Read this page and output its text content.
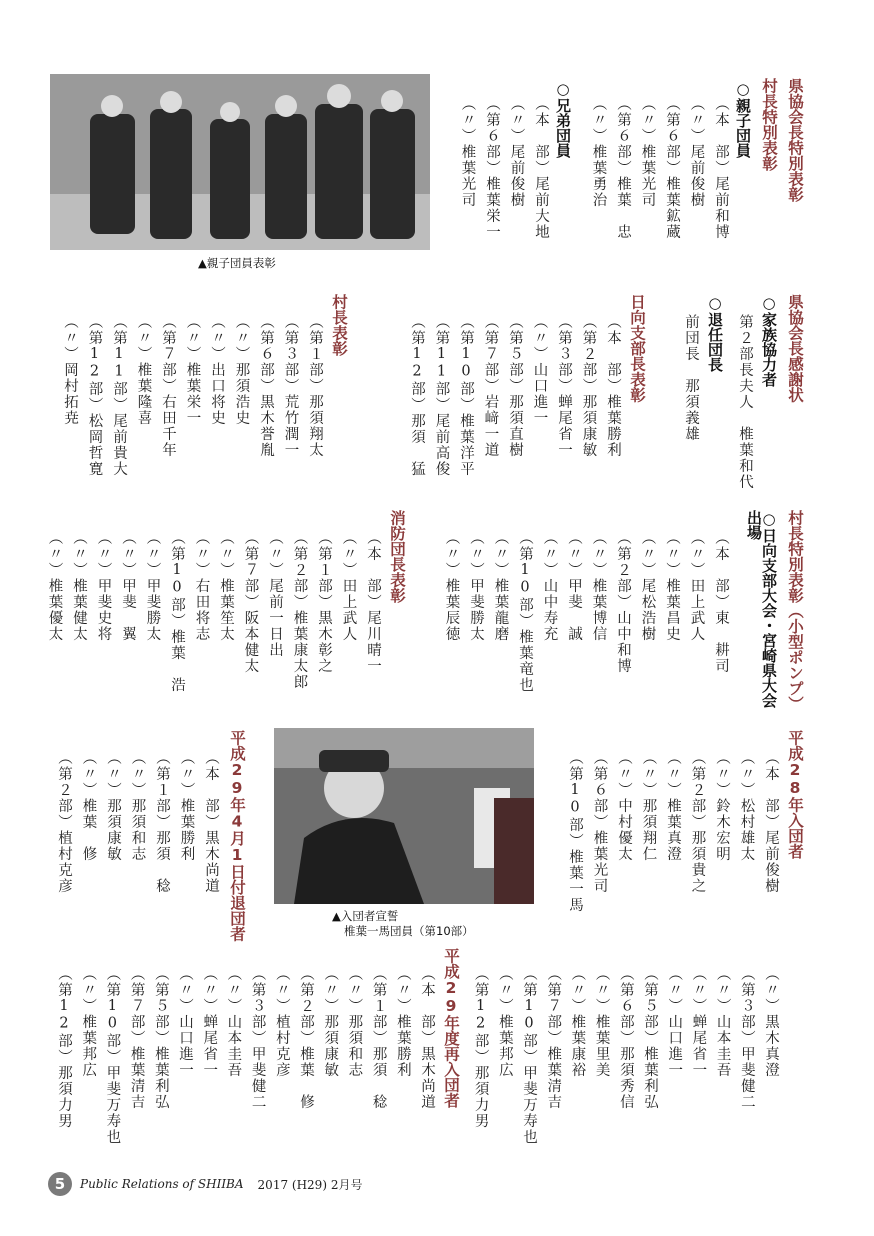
県協会長特別表彰
村長特別表彰
○親子団員
（本　部）尾前和博
（〃）尾前俊樹
（第６部）椎葉鉱蔵
（〃）椎葉光司
（第６部）椎葉　忠
（〃）椎葉勇治
○兄弟団員
（本　部）尾前大地
（〃）尾前俊樹
（第６部）椎葉栄一
（〃）椎葉光司
▲親子団員表彰
県協会長感謝状
○家族協力者
第２部長夫人　椎葉和代
○退任団長
前団長　那須義雄
日向支部長表彰
（本　部）椎葉勝利
（第２部）那須康敏
（第３部）蝉尾省一
（〃）山口進一
（第５部）那須直樹
（第７部）岩﨑一道
（第10部）椎葉洋平
（第11部）尾前高俊
（第12部）那須　猛
村長表彰
（第１部）那須翔太
（第３部）荒竹潤一
（第６部）黒木誉胤
（〃）那須浩史
（〃）出口将史
（〃）椎葉栄一
（第７部）右田千年
（〃）椎葉隆喜
（第11部）尾前貴大
（第12部）松岡哲寛
（〃）岡村拓尭
村長特別表彰（小型ポンプ）
○日向支部大会・宮崎県大会出場
（本　部）東　耕司
（〃）田上武人
（〃）椎葉昌史
（〃）尾松浩樹
（第２部）山中和博
（〃）椎葉博信
（〃）甲斐　誠
（〃）山中寿充
（第10部）椎葉竜也
（〃）椎葉龍磨
（〃）甲斐勝太
（〃）椎葉辰徳
消防団長表彰
（本　部）尾川晴一
（〃）田上武人
（第１部）黒木彰之
（第２部）椎葉康太郎
（〃）尾前一日出
（第７部）阪本健太
（〃）椎葉笙太
（〃）右田将志
（第10部）椎葉　浩
（〃）甲斐勝太
（〃）甲斐　翼
（〃）甲斐史将
（〃）椎葉健太
（〃）椎葉優太
平成28年入団者
（本　部）尾前俊樹
（〃）松村雄太
（〃）鈴木宏明
（第２部）那須貴之
（〃）椎葉真澄
（〃）那須翔仁
（〃）中村優太
（第６部）椎葉光司
（第10部）椎葉一馬
▲入団者宣誓
椎葉一馬団員（第10部）
平成29年4月1日付退団者
（本　部）黒木尚道
（〃）椎葉勝利
（第１部）那須　稔
（〃）那須和志
（〃）那須康敏
（〃）椎葉　修
（第２部）植村克彦
（〃）黒木真澄
（第３部）甲斐健二
（〃）山本圭吾
（〃）蝉尾省一
（〃）山口進一
（第５部）椎葉利弘
（第６部）那須秀信
（〃）椎葉里美
（〃）椎葉康裕
（第７部）椎葉清吉
（第10部）甲斐万寿也
（〃）椎葉邦広
（第12部）那須力男
平成29年度再入団者
（本　部）黒木尚道
（〃）椎葉勝利
（第１部）那須　稔
（〃）那須和志
（〃）那須康敏
（第２部）椎葉　修
（〃）植村克彦
（第３部）甲斐健二
（〃）山本圭吾
（〃）蝉尾省一
（〃）山口進一
（第５部）椎葉利弘
（第７部）椎葉清吉
（第10部）甲斐万寿也
（〃）椎葉邦広
（第12部）那須力男
5	Public Relations of SHIIBA 2017 (H29) 2月号
